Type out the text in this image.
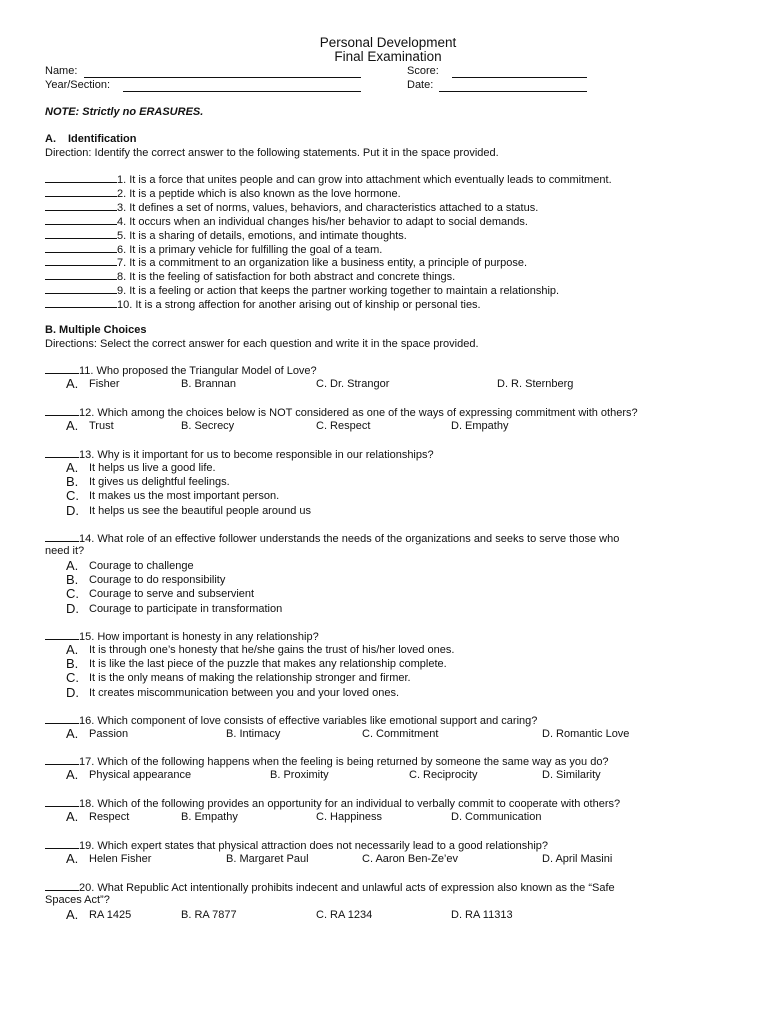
Personal Development
Final Examination
Name:	Score:
Year/Section:	Date:
NOTE: Strictly no ERASURES.
A. Identification
Direction: Identify the correct answer to the following statements. Put it in the space provided.
1. It is a force that unites people and can grow into attachment which eventually leads to commitment.
2. It is a peptide which is also known as the love hormone.
3. It defines a set of norms, values, behaviors, and characteristics attached to a status.
4. It occurs when an individual changes his/her behavior to adapt to social demands.
5. It is a sharing of details, emotions, and intimate thoughts.
6. It is a primary vehicle for fulfilling the goal of a team.
7. It is a commitment to an organization like a business entity, a principle of purpose.
8. It is the feeling of satisfaction for both abstract and concrete things.
9. It is a feeling or action that keeps the partner working together to maintain a relationship.
10. It is a strong affection for another arising out of kinship or personal ties.
B. Multiple Choices
Directions: Select the correct answer for each question and write it in the space provided.
11. Who proposed the Triangular Model of Love?
A. Fisher	B. Brannan	C. Dr. Strangor	D. R. Sternberg
12. Which among the choices below is NOT considered as one of the ways of expressing commitment with others?
A. Trust	B. Secrecy	C. Respect	D. Empathy
13. Why is it important for us to become responsible in our relationships?
A. It helps us live a good life.
B. It gives us delightful feelings.
C. It makes us the most important person.
D. It helps us see the beautiful people around us
14. What role of an effective follower understands the needs of the organizations and seeks to serve those who
need it?
A. Courage to challenge
B. Courage to do responsibility
C. Courage to serve and subservient
D. Courage to participate in transformation
15. How important is honesty in any relationship?
A. It is through one’s honesty that he/she gains the trust of his/her loved ones.
B. It is like the last piece of the puzzle that makes any relationship complete.
C. It is the only means of making the relationship stronger and firmer.
D. It creates miscommunication between you and your loved ones.
16. Which component of love consists of effective variables like emotional support and caring?
A. Passion	B. Intimacy	C. Commitment	D. Romantic Love
17. Which of the following happens when the feeling is being returned by someone the same way as you do?
A. Physical appearance	B. Proximity	C. Reciprocity	D. Similarity
18. Which of the following provides an opportunity for an individual to verbally commit to cooperate with others?
A. Respect	B. Empathy	C. Happiness	D. Communication
19. Which expert states that physical attraction does not necessarily lead to a good relationship?
A. Helen Fisher	B. Margaret Paul	C. Aaron Ben-Ze’ev	D. April Masini
20. What Republic Act intentionally prohibits indecent and unlawful acts of expression also known as the “Safe
Spaces Act”?
A. RA 1425	B. RA 7877	C. RA 1234	D. RA 11313
